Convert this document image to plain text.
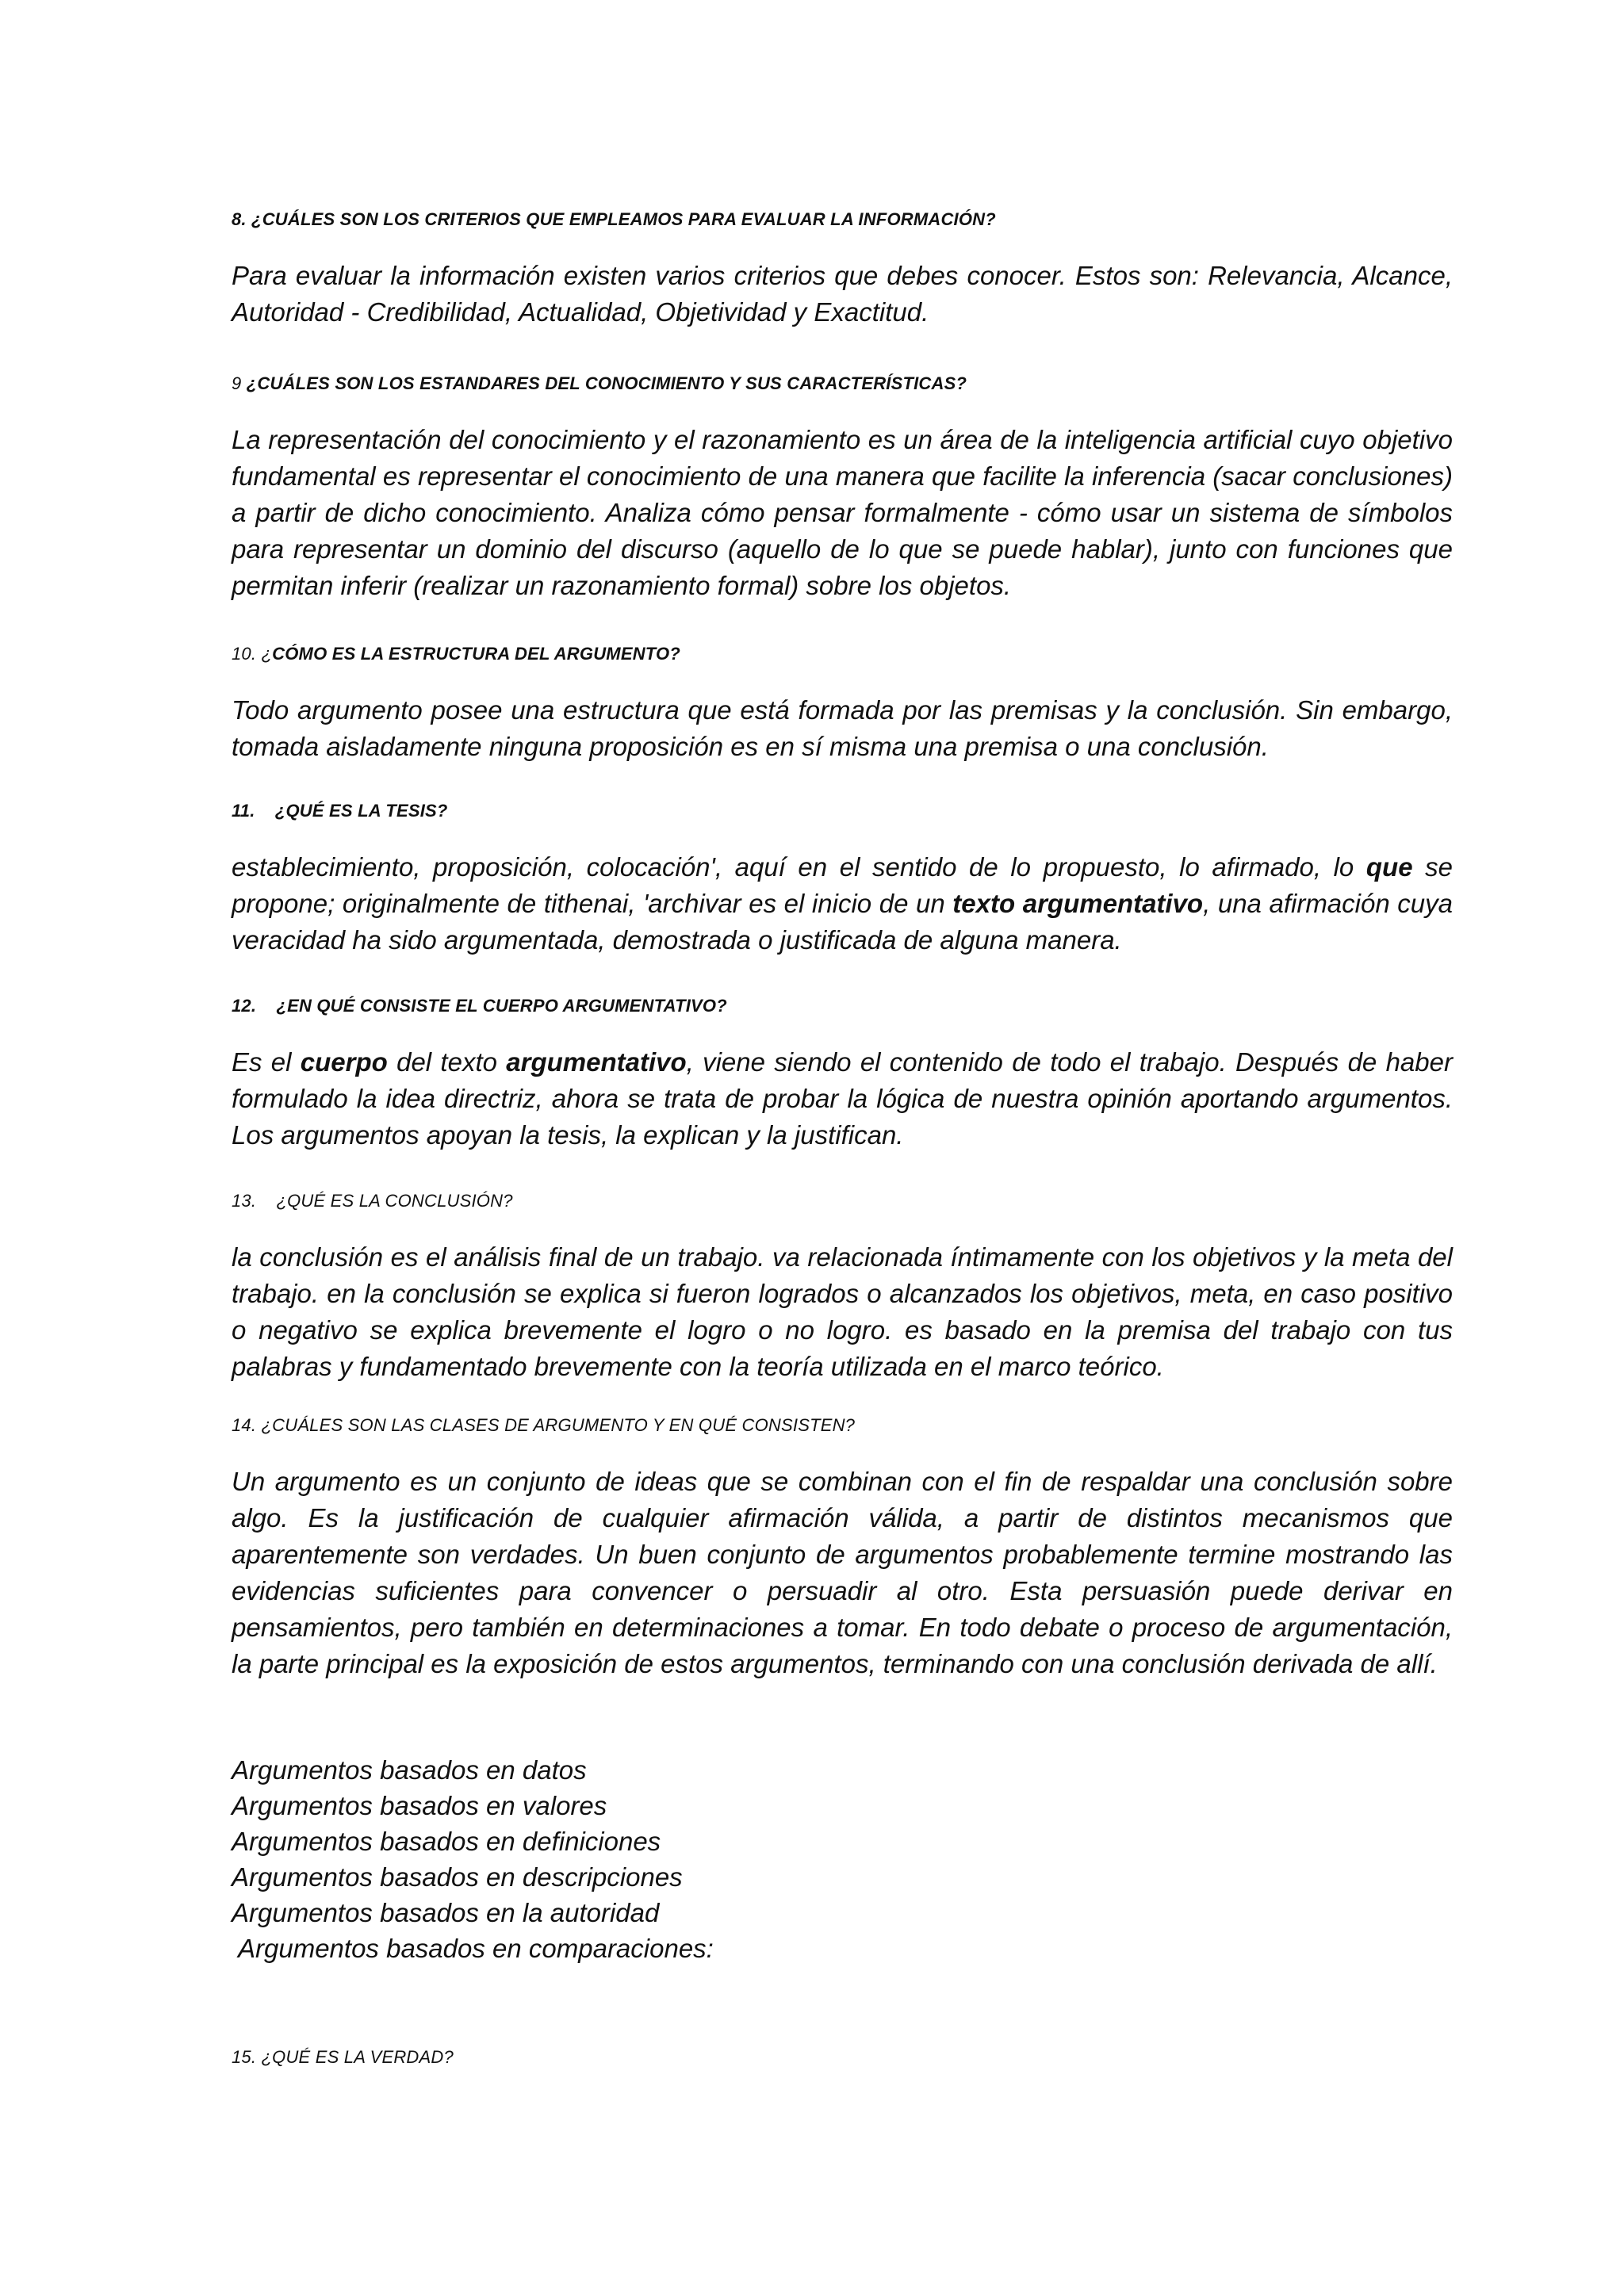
8. ¿CUÁLES SON LOS CRITERIOS QUE EMPLEAMOS PARA EVALUAR LA INFORMACIÓN?

Para evaluar la información existen varios criterios que debes conocer. Estos son: Relevancia, Alcance, Autoridad - Credibilidad, Actualidad, Objetividad y Exactitud.

9 ¿CUÁLES SON LOS ESTANDARES DEL CONOCIMIENTO Y SUS CARACTERÍSTICAS?

La representación del conocimiento y el razonamiento es un área de la inteligencia artificial cuyo objetivo fundamental es representar el conocimiento de una manera que facilite la inferencia (sacar conclusiones) a partir de dicho conocimiento. Analiza cómo pensar formalmente - cómo usar un sistema de símbolos para representar un dominio del discurso (aquello de lo que se puede hablar), junto con funciones que permitan inferir (realizar un razonamiento formal) sobre los objetos.

10. ¿CÓMO ES LA ESTRUCTURA DEL ARGUMENTO?

Todo argumento posee una estructura que está formada por las premisas y la conclusión. Sin embargo, tomada aisladamente ninguna proposición es en sí misma una premisa o una conclusión.

11. ¿QUÉ ES LA TESIS?

establecimiento, proposición, colocación', aquí en el sentido de lo propuesto, lo afirmado, lo que se propone; originalmente de tithenai, 'archivar es el inicio de un texto argumentativo, una afirmación cuya veracidad ha sido argumentada, demostrada o justificada de alguna manera.

12. ¿EN QUÉ CONSISTE EL CUERPO ARGUMENTATIVO?

Es el cuerpo del texto argumentativo, viene siendo el contenido de todo el trabajo. Después de haber formulado la idea directriz, ahora se trata de probar la lógica de nuestra opinión aportando argumentos. Los argumentos apoyan la tesis, la explican y la justifican.

13. ¿QUÉ ES LA CONCLUSIÓN?

la conclusión es el análisis final de un trabajo. va relacionada íntimamente con los objetivos y la meta del trabajo. en la conclusión se explica si fueron logrados o alcanzados los objetivos, meta, en caso positivo o negativo se explica brevemente el logro o no logro. es basado en la premisa del trabajo con tus palabras y fundamentado brevemente con la teoría utilizada en el marco teórico.

14. ¿CUÁLES SON LAS CLASES DE ARGUMENTO Y EN QUÉ CONSISTEN?

Un argumento es un conjunto de ideas que se combinan con el fin de respaldar una conclusión sobre algo. Es la justificación de cualquier afirmación válida, a partir de distintos mecanismos que aparentemente son verdades. Un buen conjunto de argumentos probablemente termine mostrando las evidencias suficientes para convencer o persuadir al otro. Esta persuasión puede derivar en pensamientos, pero también en determinaciones a tomar. En todo debate o proceso de argumentación, la parte principal es la exposición de estos argumentos, terminando con una conclusión derivada de allí.

Argumentos basados en datos
Argumentos basados en valores
Argumentos basados en definiciones
Argumentos basados en descripciones
Argumentos basados en la autoridad
Argumentos basados en comparaciones:

15. ¿QUÉ ES LA VERDAD?
